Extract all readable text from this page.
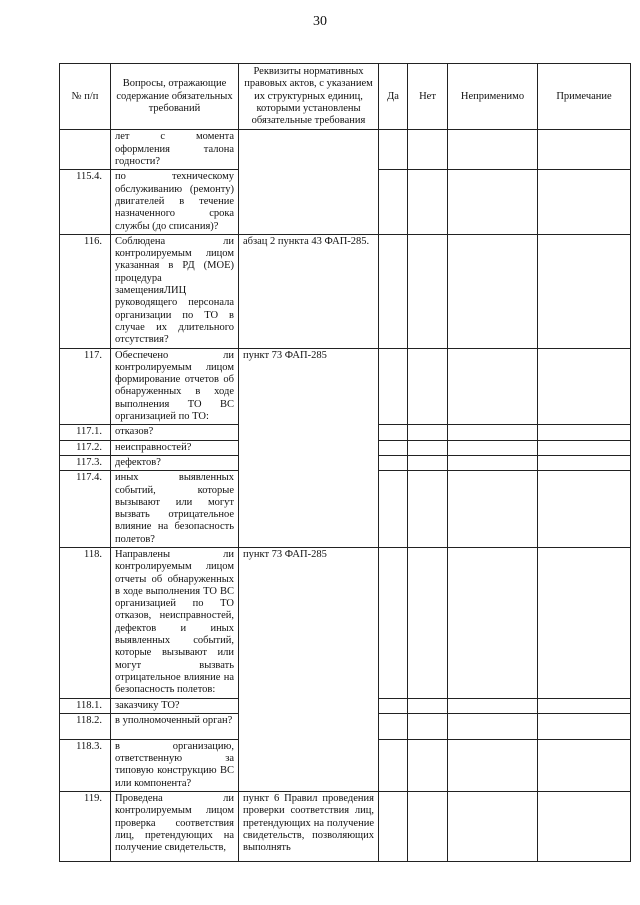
30
№ п/п	Вопросы, отражающие содержание обязательных требований	Реквизиты нормативных правовых актов, с указанием их структурных единиц, которыми установлены обязательные требования	Да	Нет	Неприменимо	Примечание
	лет с момента оформления талона годности?					
115.4.	по техническому обслуживанию (ремонту) двигателей в течение назначенного срока службы (до списания)?					
116.	Соблюдена ли контролируемым лицом указанная в РД (МОЕ) процедура замещенияЛИЦ руководящего персонала организации по ТО в случае их длительного отсутствия?	абзац 2 пункта 43 ФАП-285.				
117.	Обеспечено ли контролируемым лицом формирование отчетов об обнаруженных в ходе выполнения ТО ВС организацией по ТО:	пункт 73 ФАП-285				
117.1.	отказов?					
117.2.	неисправностей?					
117.3.	дефектов?					
117.4.	иных выявленных событий, которые вызывают или могут вызвать отрицательное влияние на безопасность полетов?					
118.	Направлены ли контролируемым лицом отчеты об обнаруженных в ходе выполнения ТО ВС организацией по ТО отказов, неисправностей, дефектов и иных выявленных событий, которые вызывают или могут вызвать отрицательное влияние на безопасность полетов:	пункт 73 ФАП-285				
118.1.	заказчику ТО?					
118.2.	в уполномоченный орган?					
118.3.	в организацию, ответственную за типовую конструкцию ВС или компонента?					
119.	Проведена ли контролируемым лицом проверка соответствия лиц, претендующих на получение свидетельств,	пункт 6 Правил проведения проверки соответствия лиц, претендующих на получение свидетельств, позволяющих выполнять				
